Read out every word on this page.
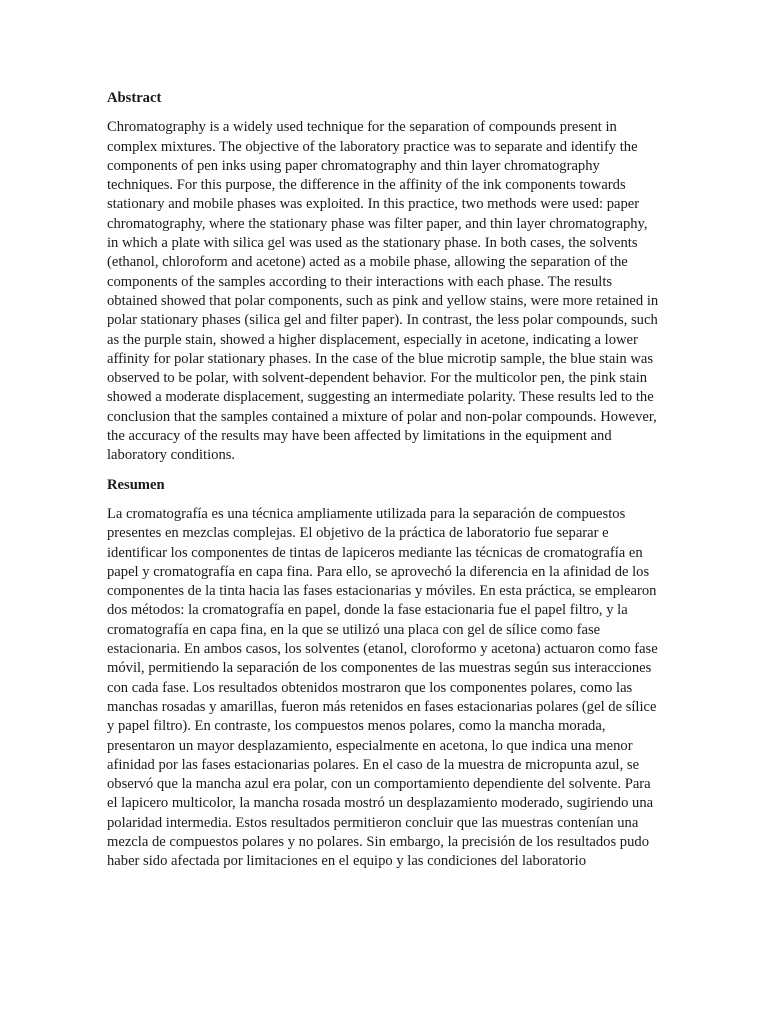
Abstract

Chromatography is a widely used technique for the separation of compounds present in complex mixtures. The objective of the laboratory practice was to separate and identify the components of pen inks using paper chromatography and thin layer chromatography techniques. For this purpose, the difference in the affinity of the ink components towards stationary and mobile phases was exploited. In this practice, two methods were used: paper chromatography, where the stationary phase was filter paper, and thin layer chromatography, in which a plate with silica gel was used as the stationary phase. In both cases, the solvents (ethanol, chloroform and acetone) acted as a mobile phase, allowing the separation of the components of the samples according to their interactions with each phase. The results obtained showed that polar components, such as pink and yellow stains, were more retained in polar stationary phases (silica gel and filter paper). In contrast, the less polar compounds, such as the purple stain, showed a higher displacement, especially in acetone, indicating a lower affinity for polar stationary phases. In the case of the blue microtip sample, the blue stain was observed to be polar, with solvent-dependent behavior. For the multicolor pen, the pink stain showed a moderate displacement, suggesting an intermediate polarity. These results led to the conclusion that the samples contained a mixture of polar and non-polar compounds. However, the accuracy of the results may have been affected by limitations in the equipment and laboratory conditions.

Resumen

La cromatografía es una técnica ampliamente utilizada para la separación de compuestos presentes en mezclas complejas. El objetivo de la práctica de laboratorio fue separar e identificar los componentes de tintas de lapiceros mediante las técnicas de cromatografía en papel y cromatografía en capa fina. Para ello, se aprovechó la diferencia en la afinidad de los componentes de la tinta hacia las fases estacionarias y móviles. En esta práctica, se emplearon dos métodos: la cromatografía en papel, donde la fase estacionaria fue el papel filtro, y la cromatografía en capa fina, en la que se utilizó una placa con gel de sílice como fase estacionaria. En ambos casos, los solventes (etanol, cloroformo y acetona) actuaron como fase móvil, permitiendo la separación de los componentes de las muestras según sus interacciones con cada fase. Los resultados obtenidos mostraron que los componentes polares, como las manchas rosadas y amarillas, fueron más retenidos en fases estacionarias polares (gel de sílice y papel filtro). En contraste, los compuestos menos polares, como la mancha morada, presentaron un mayor desplazamiento, especialmente en acetona, lo que indica una menor afinidad por las fases estacionarias polares. En el caso de la muestra de micropunta azul, se observó que la mancha azul era polar, con un comportamiento dependiente del solvente. Para el lapicero multicolor, la mancha rosada mostró un desplazamiento moderado, sugiriendo una polaridad intermedia. Estos resultados permitieron concluir que las muestras contenían una mezcla de compuestos polares y no polares. Sin embargo, la precisión de los resultados pudo haber sido afectada por limitaciones en el equipo y las condiciones del laboratorio
